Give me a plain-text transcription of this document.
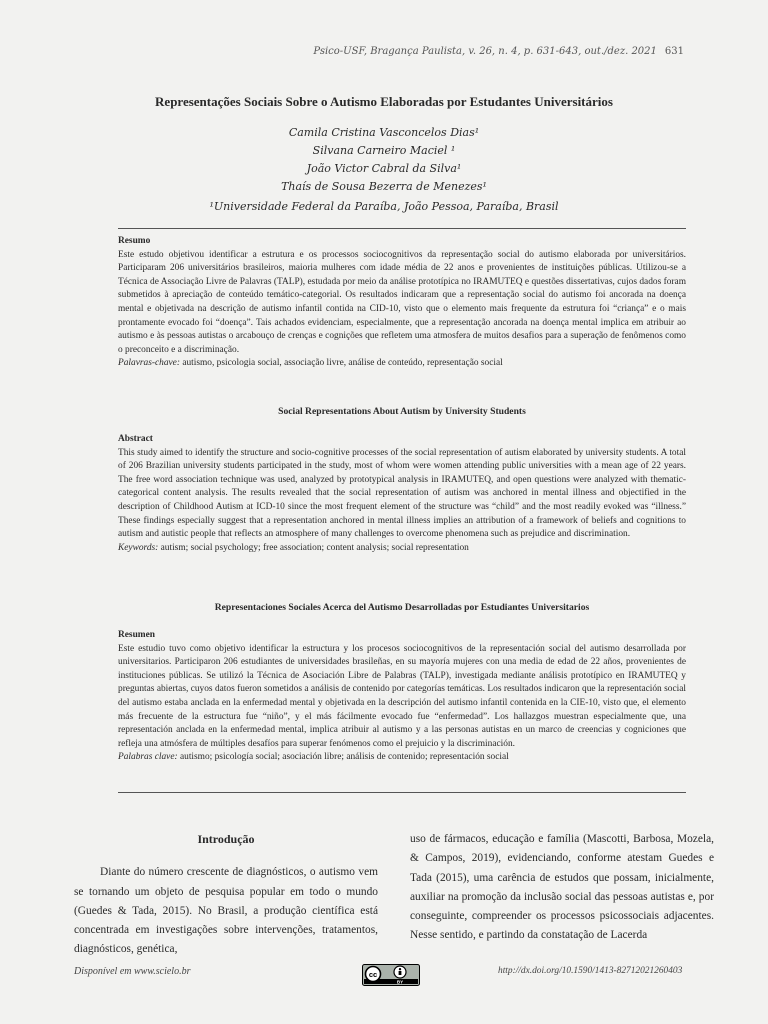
Psico-USF, Bragança Paulista, v. 26, n. 4, p. 631-643, out./dez. 2021 631
Representações Sociais Sobre o Autismo Elaboradas por Estudantes Universitários
Camila Cristina Vasconcelos Dias¹
Silvana Carneiro Maciel ¹
João Victor Cabral da Silva¹
Thaís de Sousa Bezerra de Menezes¹
¹Universidade Federal da Paraíba, João Pessoa, Paraíba, Brasil
Resumo
Este estudo objetivou identificar a estrutura e os processos sociocognitivos da representação social do autismo elaborada por universitários. Participaram 206 universitários brasileiros, maioria mulheres com idade média de 22 anos e provenientes de instituições públicas. Utilizou-se a Técnica de Associação Livre de Palavras (TALP), estudada por meio da análise prototípica no IRAMUTEQ e questões dissertativas, cujos dados foram submetidos à apreciação de conteúdo temático-categorial. Os resultados indicaram que a representação social do autismo foi ancorada na doença mental e objetivada na descrição de autismo infantil contida na CID-10, visto que o elemento mais frequente da estrutura foi “criança” e o mais prontamente evocado foi “doença”. Tais achados evidenciam, especialmente, que a representação ancorada na doença mental implica em atribuir ao autismo e às pessoas autistas o arcabouço de crenças e cognições que refletem uma atmosfera de muitos desafios para a superação de fenômenos como o preconceito e a discriminação.
Palavras-chave: autismo, psicologia social, associação livre, análise de conteúdo, representação social
Social Representations About Autism by University Students
Abstract
This study aimed to identify the structure and socio-cognitive processes of the social representation of autism elaborated by university students. A total of 206 Brazilian university students participated in the study, most of whom were women attending public universities with a mean age of 22 years. The free word association technique was used, analyzed by prototypical analysis in IRAMUTEQ, and open questions were analyzed with thematic-categorical content analysis. The results revealed that the social representation of autism was anchored in mental illness and objectified in the description of Childhood Autism at ICD-10 since the most frequent element of the structure was “child” and the most readily evoked was “illness.” These findings especially suggest that a representation anchored in mental illness implies an attribution of a framework of beliefs and cognitions to autism and autistic people that reflects an atmosphere of many challenges to overcome phenomena such as prejudice and discrimination.
Keywords: autism; social psychology; free association; content analysis; social representation
Representaciones Sociales Acerca del Autismo Desarrolladas por Estudiantes Universitarios
Resumen
Este estudio tuvo como objetivo identificar la estructura y los procesos sociocognitivos de la representación social del autismo desarrollada por universitarios. Participaron 206 estudiantes de universidades brasileñas, en su mayoría mujeres con una media de edad de 22 años, provenientes de instituciones públicas. Se utilizó la Técnica de Asociación Libre de Palabras (TALP), investigada mediante análisis prototípico en IRAMUTEQ y preguntas abiertas, cuyos datos fueron sometidos a análisis de contenido por categorías temáticas. Los resultados indicaron que la representación social del autismo estaba anclada en la enfermedad mental y objetivada en la descripción del autismo infantil contenida en la CIE-10, visto que, el elemento más frecuente de la estructura fue “niño”, y el más fácilmente evocado fue “enfermedad”. Los hallazgos muestran especialmente que, una representación anclada en la enfermedad mental, implica atribuir al autismo y a las personas autistas en un marco de creencias y cogniciones que refleja una atmósfera de múltiples desafíos para superar fenómenos como el prejuicio y la discriminación.
Palabras clave: autismo; psicología social; asociación libre; análisis de contenido; representación social
Introdução

Diante do número crescente de diagnósticos, o autismo vem se tornando um objeto de pesquisa popular em todo o mundo (Guedes & Tada, 2015). No Brasil, a produção científica está concentrada em investigações sobre intervenções, tratamentos, diagnósticos, genética,

uso de fármacos, educação e família (Mascotti, Barbosa, Mozela, & Campos, 2019), evidenciando, conforme atestam Guedes e Tada (2015), uma carência de estudos que possam, inicialmente, auxiliar na promoção da inclusão social das pessoas autistas e, por conseguinte, compreender os processos psicossociais adjacentes. Nesse sentido, e partindo da constatação de Lacerda

Disponível em www.scielo.br	cc
BY
http://dx.doi.org/10.1590/1413-82712021260403
